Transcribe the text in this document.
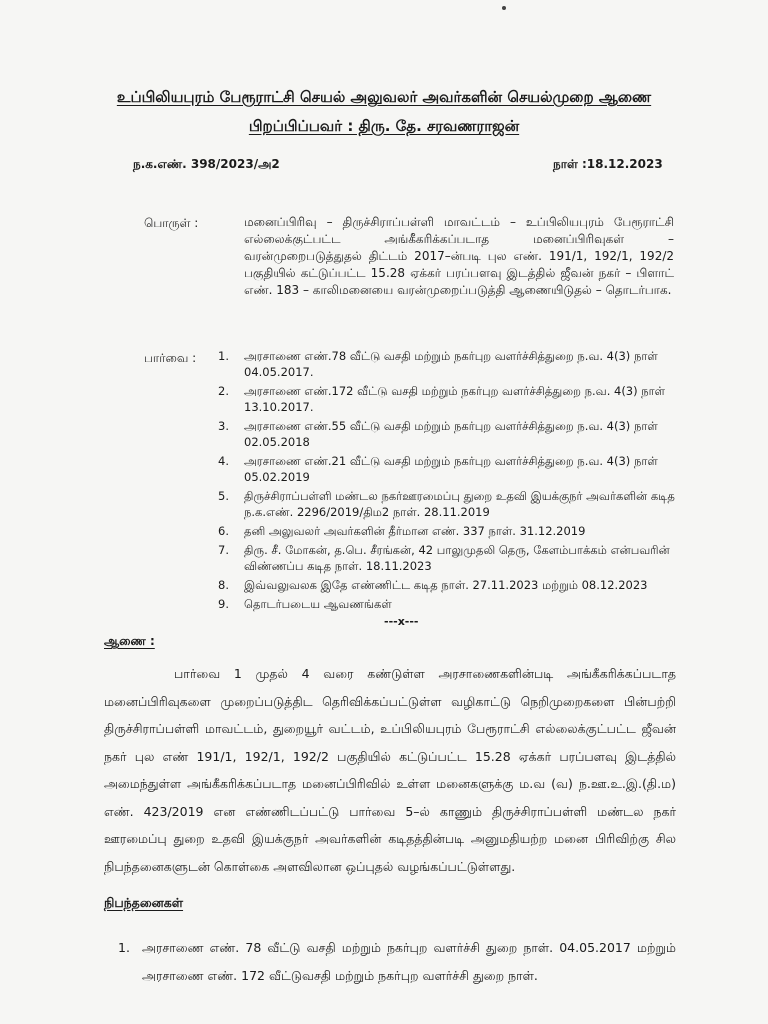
உப்பிலியபுரம் பேரூராட்சி செயல் அலுவலர் அவர்களின் செயல்முறை ஆணை
பிறப்பிப்பவர் : திரு. தே. சரவணராஜன்
ந.க.எண். 398/2023/அ2	நாள் :18.12.2023
பொருள் :	மனைப்பிரிவு – திருச்சிராப்பள்ளி மாவட்டம் – உப்பிலியபுரம் பேரூராட்சி எல்லைக்குட்பட்ட அங்கீகரிக்கப்படாத மனைப்பிரிவுகள் – வரன்முறைபடுத்துதல் திட்டம் 2017–ன்படி புல எண். 191/1, 192/1, 192/2 பகுதியில் கட்டுப்பட்ட 15.28 ஏக்கர் பரப்பளவு இடத்தில் ஜீவன் நகர் – பிளாட் எண். 183 – காலிமனையை வரன்முறைப்படுத்தி ஆணையிடுதல் – தொடர்பாக.
பார்வை : 1. அரசாணை எண்.78 வீட்டு வசதி மற்றும் நகர்புற வளர்ச்சித்துறை ந.வ. 4(3) நாள் 04.05.2017.
2. அரசாணை எண்.172 வீட்டு வசதி மற்றும் நகர்புற வளர்ச்சித்துறை ந.வ. 4(3) நாள் 13.10.2017.
3. அரசாணை எண்.55 வீட்டு வசதி மற்றும் நகர்புற வளர்ச்சித்துறை ந.வ. 4(3) நாள் 02.05.2018
4. அரசாணை எண்.21 வீட்டு வசதி மற்றும் நகர்புற வளர்ச்சித்துறை ந.வ. 4(3) நாள் 05.02.2019
5. திருச்சிராப்பள்ளி மண்டல நகர்ஊரமைப்பு துறை உதவி இயக்குநர் அவர்களின் கடித ந.க.எண். 2296/2019/திம2 நாள். 28.11.2019
6. தனி அலுவலர் அவர்களின் தீர்மான எண். 337 நாள். 31.12.2019
7. திரு. சீ. மோகன், த.பெ. சீரங்கன், 42 பாலுமுதலி தெரு, கேளம்பாக்கம் என்பவரின் விண்ணப்ப கடித நாள். 18.11.2023
8. இவ்வலுவலக இதே எண்ணிட்ட கடித நாள். 27.11.2023 மற்றும் 08.12.2023
9. தொடர்படைய ஆவணங்கள்
---x---
ஆணை :
பார்வை 1 முதல் 4 வரை கண்டுள்ள அரசாணைகளின்படி அங்கீகரிக்கப்படாத மனைப்பிரிவுகளை முறைப்படுத்திட தெரிவிக்கப்பட்டுள்ள வழிகாட்டு நெறிமுறைகளை பின்பற்றி திருச்சிராப்பள்ளி மாவட்டம், துறையூர் வட்டம், உப்பிலியபுரம் பேரூராட்சி எல்லைக்குட்பட்ட ஜீவன் நகர் புல எண் 191/1, 192/1, 192/2 பகுதியில் கட்டுப்பட்ட 15.28 ஏக்கர் பரப்பளவு இடத்தில் அமைந்துள்ள அங்கீகரிக்கப்படாத மனைப்பிரிவில் உள்ள மனைகளுக்கு ம.வ (வ) ந.ஊ.உ.இ.(தி.ம) எண். 423/2019 என எண்ணிடப்பட்டு பார்வை 5–ல் காணும் திருச்சிராப்பள்ளி மண்டல நகர் ஊரமைப்பு துறை உதவி இயக்குநர் அவர்களின் கடிதத்தின்படி அனுமதியற்ற மனை பிரிவிற்கு சில நிபந்தனைகளுடன் கொள்கை அளவிலான ஒப்புதல் வழங்கப்பட்டுள்ளது.
நிபந்தனைகள்
1. அரசாணை எண். 78 வீட்டு வசதி மற்றும் நகர்புற வளர்ச்சி துறை நாள். 04.05.2017 மற்றும் அரசாணை எண். 172 வீட்டுவசதி மற்றும் நகர்புற வளர்ச்சி துறை நாள்.
